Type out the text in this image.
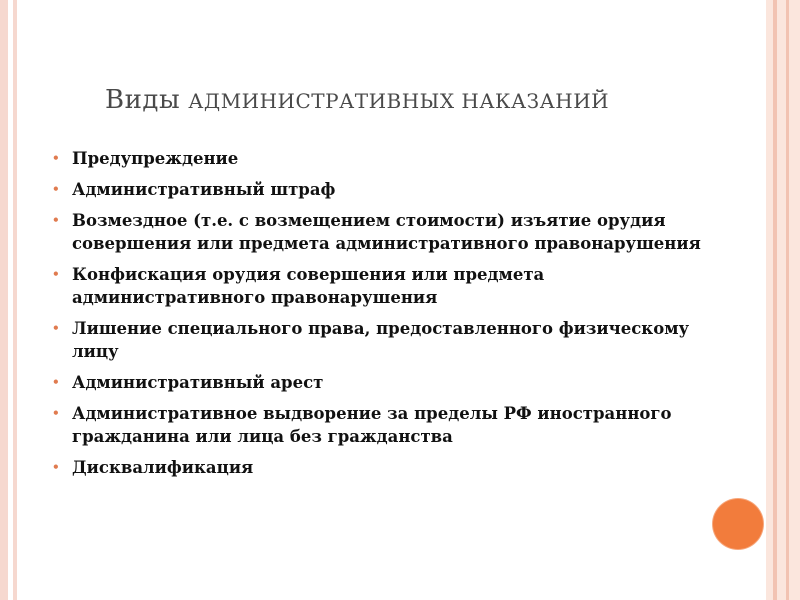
Виды АДМИНИСТРАТИВНЫХ НАКАЗАНИЙ
• Предупреждение
• Административный штраф
• Возмездное (т.е. с возмещением стоимости) изъятие орудия совершения или предмета административного правонарушения
• Конфискация орудия совершения или предмета административного правонарушения
• Лишение специального права, предоставленного физическому лицу
• Административный арест
• Административное выдворение за пределы РФ иностранного гражданина или лица без гражданства
• Дисквалификация
